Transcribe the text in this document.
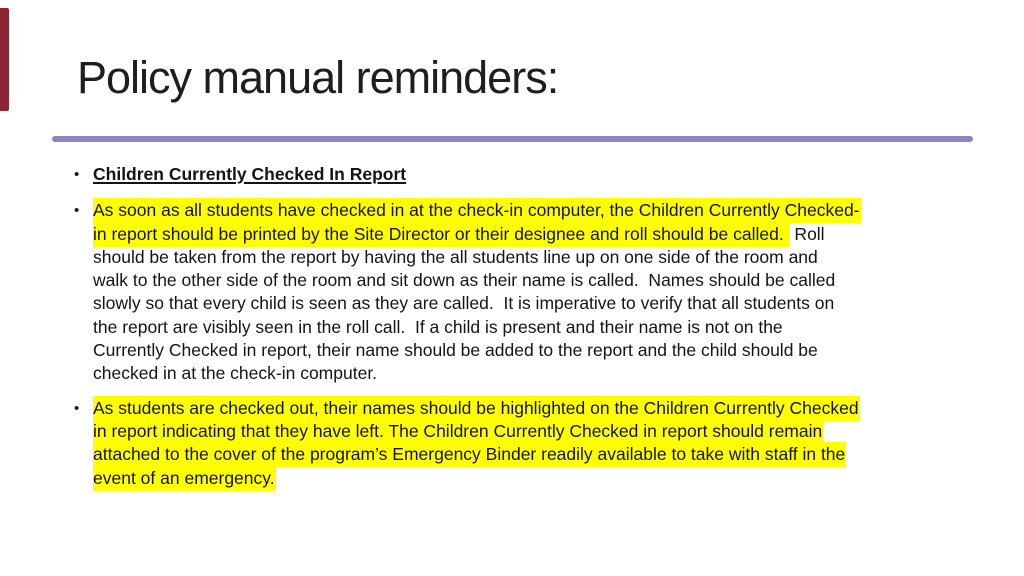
Policy manual reminders:
• Children Currently Checked In Report
• As soon as all students have checked in at the check-in computer, the Children Currently Checked-
in report should be printed by the Site Director or their designee and roll should be called.  Roll
should be taken from the report by having the all students line up on one side of the room and
walk to the other side of the room and sit down as their name is called.  Names should be called
slowly so that every child is seen as they are called.  It is imperative to verify that all students on
the report are visibly seen in the roll call.  If a child is present and their name is not on the
Currently Checked in report, their name should be added to the report and the child should be
checked in at the check-in computer.
• As students are checked out, their names should be highlighted on the Children Currently Checked
in report indicating that they have left. The Children Currently Checked in report should remain
attached to the cover of the program’s Emergency Binder readily available to take with staff in the
event of an emergency.
